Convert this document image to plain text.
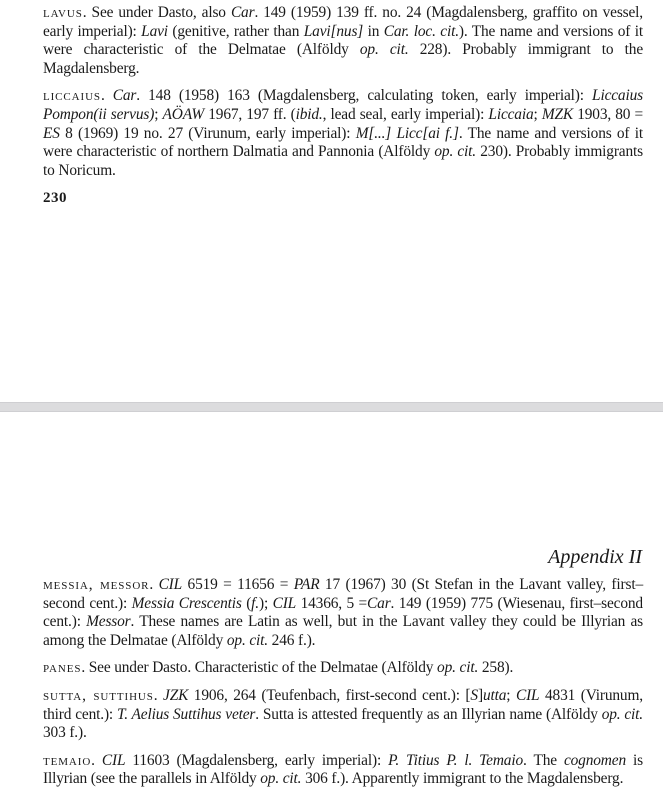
lavus. See under Dasto, also Car. 149 (1959) 139 ff. no. 24 (Magdalensberg, graffito on vessel, early imperial): Lavi (genitive, rather than Lavi[nus] in Car. loc. cit.). The name and versions of it were characteristic of the Delmatae (Alföldy op. cit. 228). Probably immigrant to the Magdalensberg.

liccaius. Car. 148 (1958) 163 (Magdalensberg, calculating token, early imperial): Liccaius Pompon(ii servus); AÖAW 1967, 197 ff. (ibid., lead seal, early imperial): Liccaia; MZK 1903, 80 = ES 8 (1969) 19 no. 27 (Virunum, early imperial): M[...] Licc[ai f.]. The name and versions of it were characteristic of northern Dalmatia and Pannonia (Alföldy op. cit. 230). Probably immigrants to Noricum.

230
Appendix II

messia, messor. CIL 6519 = 11656 = PAR 17 (1967) 30 (St Stefan in the Lavant valley, first–second cent.): Messia Crescentis (f.); CIL 14366, 5 =Car. 149 (1959) 775 (Wiesenau, first–second cent.): Messor. These names are Latin as well, but in the Lavant valley they could be Illyrian as among the Delmatae (Alföldy op. cit. 246 f.).

panes. See under Dasto. Characteristic of the Delmatae (Alföldy op. cit. 258).

sutta, suttihus. JZK 1906, 264 (Teufenbach, first-second cent.): [S]utta; CIL 4831 (Virunum, third cent.): T. Aelius Suttihus veter. Sutta is attested frequently as an Illyrian name (Alföldy op. cit. 303 f.).

temaio. CIL 11603 (Magdalensberg, early imperial): P. Titius P. l. Temaio. The cognomen is Illyrian (see the parallels in Alföldy op. cit. 306 f.). Apparently immigrant to the Magdalensberg.
